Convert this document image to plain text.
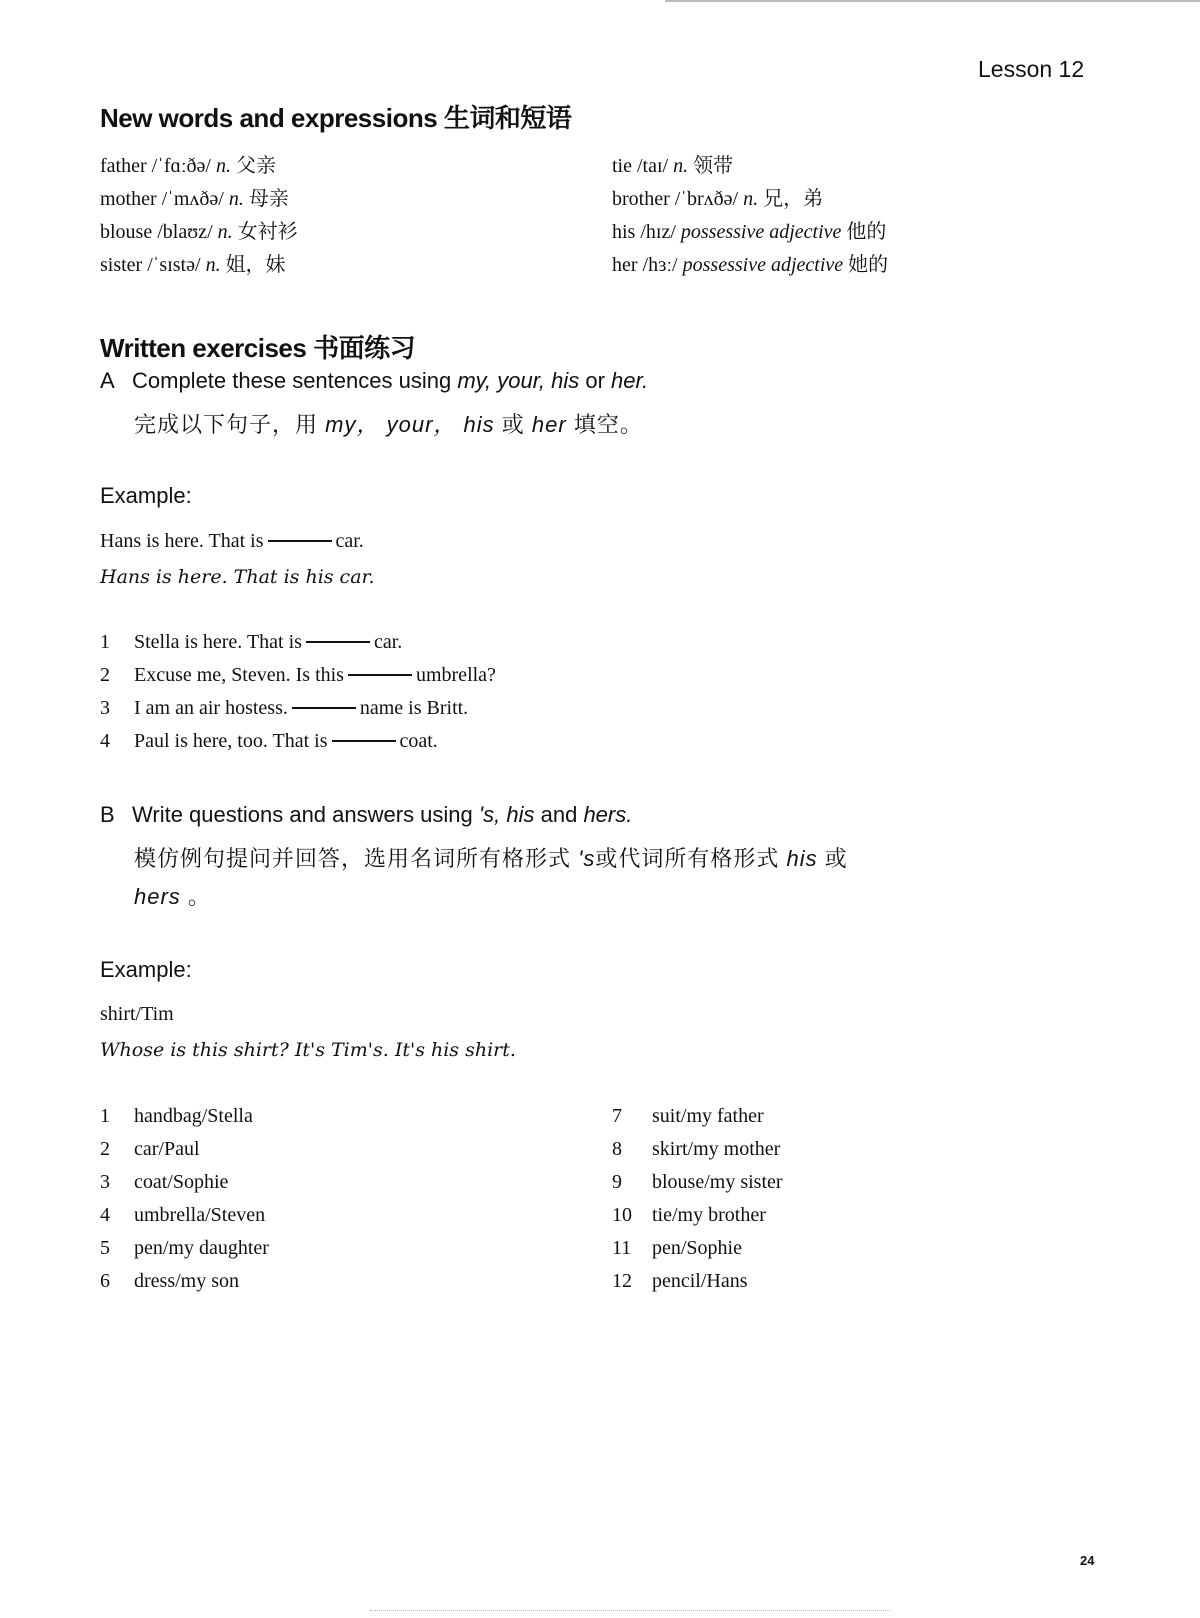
Lesson 12
New words and expressions 生词和短语
father /ˈfɑːðə/ n. 父亲
mother /ˈmʌðə/ n. 母亲
blouse /blaʊz/ n. 女衬衫
sister /ˈsɪstə/ n. 姐，妹
tie /taɪ/ n. 领带
brother /ˈbrʌðə/ n. 兄，弟
his /hɪz/ possessive adjective 他的
her /hɜː/ possessive adjective 她的
Written exercises 书面练习
A Complete these sentences using my, your, his or her.
完成以下句子，用 my， your， his 或 her 填空。
Example:
Hans is here. That is	car.
Hans is here. That is his car.
1 Stella is here. That is	car.
2 Excuse me, Steven. Is this	umbrella?
3 I am an air hostess.	name is Britt.
4 Paul is here, too. That is	coat.
B Write questions and answers using 's, his and hers.
模仿例句提问并回答，选用名词所有格形式 's或代词所有格形式 his 或
hers 。
Example:
shirt/Tim
Whose is this shirt? It's Tim's. It's his shirt.
1 handbag/Stella
2 car/Paul
3 coat/Sophie
4 umbrella/Steven
5 pen/my daughter
6 dress/my son
7 suit/my father
8 skirt/my mother
9 blouse/my sister
10 tie/my brother
11 pen/Sophie
12 pencil/Hans
24
